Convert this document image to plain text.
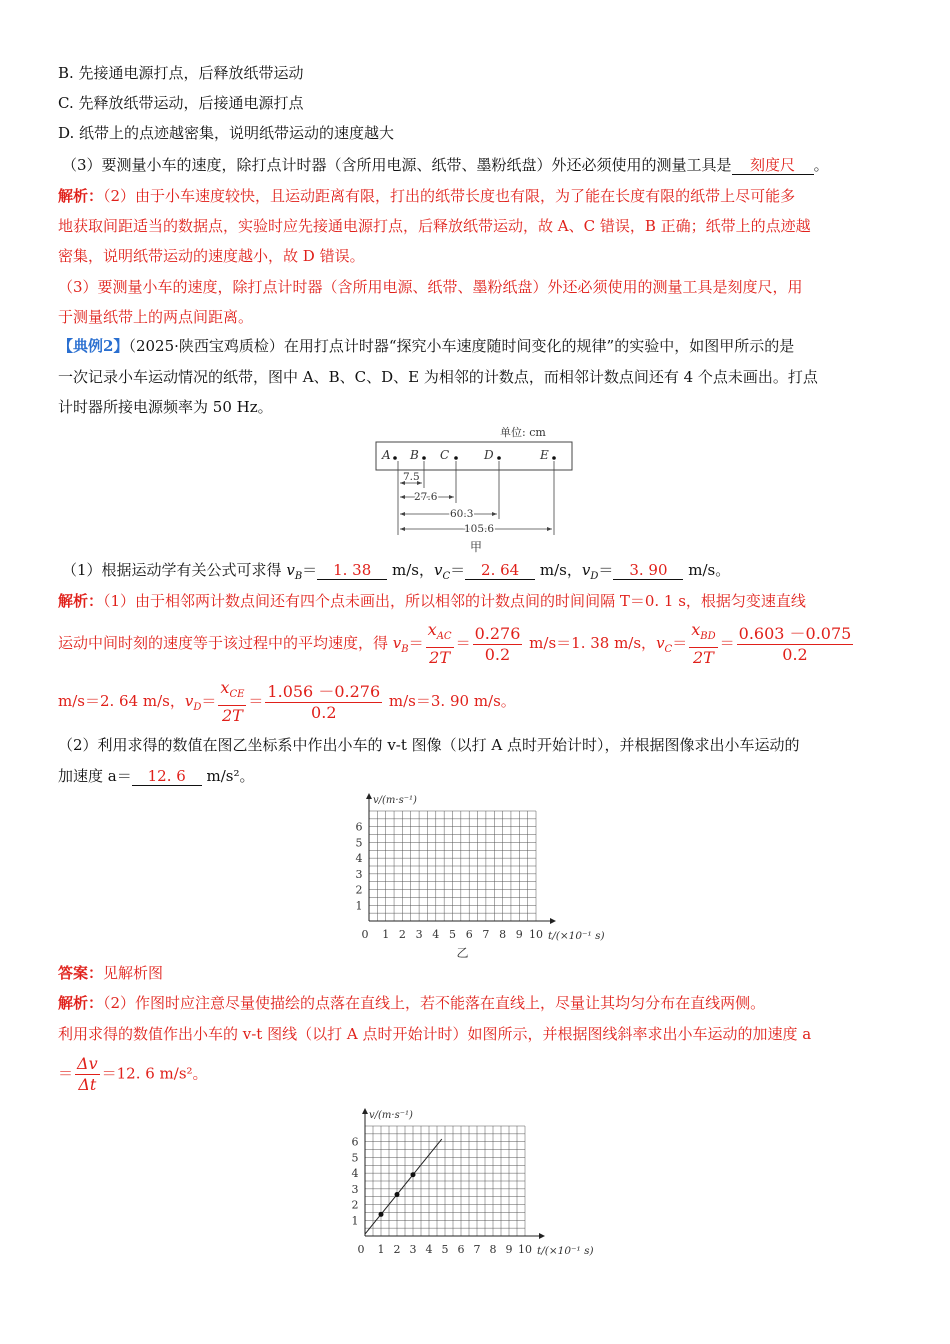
B. 先接通电源打点，后释放纸带运动
C. 先释放纸带运动，后接通电源打点
D. 纸带上的点迹越密集，说明纸带运动的速度越大
（3）要测量小车的速度，除打点计时器（含所用电源、纸带、墨粉纸盘）外还必须使用的测量工具是 刻度尺 。
解析：（2）由于小车速度较快，且运动距离有限，打出的纸带长度也有限，为了能在长度有限的纸带上尽可能多
地获取间距适当的数据点，实验时应先接通电源打点，后释放纸带运动，故 A、C 错误，B 正确；纸带上的点迹越
密集，说明纸带运动的速度越小，故 D 错误。
（3）要测量小车的速度，除打点计时器（含所用电源、纸带、墨粉纸盘）外还必须使用的测量工具是刻度尺，用
于测量纸带上的两点间距离。
【典例2】（2025·陕西宝鸡质检）在用打点计时器“探究小车速度随时间变化的规律”的实验中，如图甲所示的是
一次记录小车运动情况的纸带，图中 A、B、C、D、E 为相邻的计数点，而相邻计数点间还有 4 个点未画出。打点
计时器所接电源频率为 50 Hz。
单位: cm
A B C	D	E
7.5
27.6
60.3
105.6
甲
（1）根据运动学有关公式可求得 $v_B= 1$. 38 m/s，$v_C= 2$. 64 m/s，$v_D= 3$. 90 m/s。
解析：（1）由于相邻两计数点间还有四个点未画出，所以相邻的计数点间的时间间隔 T＝0. 1 s，根据匀变速直线
运动中间时刻的速度等于该过程中的平均速度，得 $v_B= \frac{x_{AC}}{2T} = \frac{0.276}{0.2} m/s=1$. 38 m/s，$v_C= \frac{x_{BD}}{2T} = \frac{0.603 -0.075}{0.2}$
m/s＝2. 64 m/s，$v_D= \frac{x_{CE}}{2T} = \frac{1.056 -0.276}{0.2} m/s=3$. 90 m/s。
（2）利用求得的数值在图乙坐标系中作出小车的 v-t 图像（以打 A 点时开始计时），并根据图像求出小车运动的
加速度 a＝ 12. 6 m/s²。
v/(m·s⁻¹)
1
2
3
4
5
6
0 1 2 3 4 5 6 7 8 9 10 t/(×10⁻¹ s)
乙
答案：见解析图
解析：（2）作图时应注意尽量使描绘的点落在直线上，若不能落在直线上，尽量让其均匀分布在直线两侧。
利用求得的数值作出小车的 v-t 图线（以打 A 点时开始计时）如图所示，并根据图线斜率求出小车运动的加速度 a
＝ $\frac{\Delta v}{\Delta t} =12$. 6 m/s²。
v/(m·s⁻¹)
1
2
3
4
5
6
0 1 2 3 4 5 6 7 8 9 10 t/(×10⁻¹ s)
